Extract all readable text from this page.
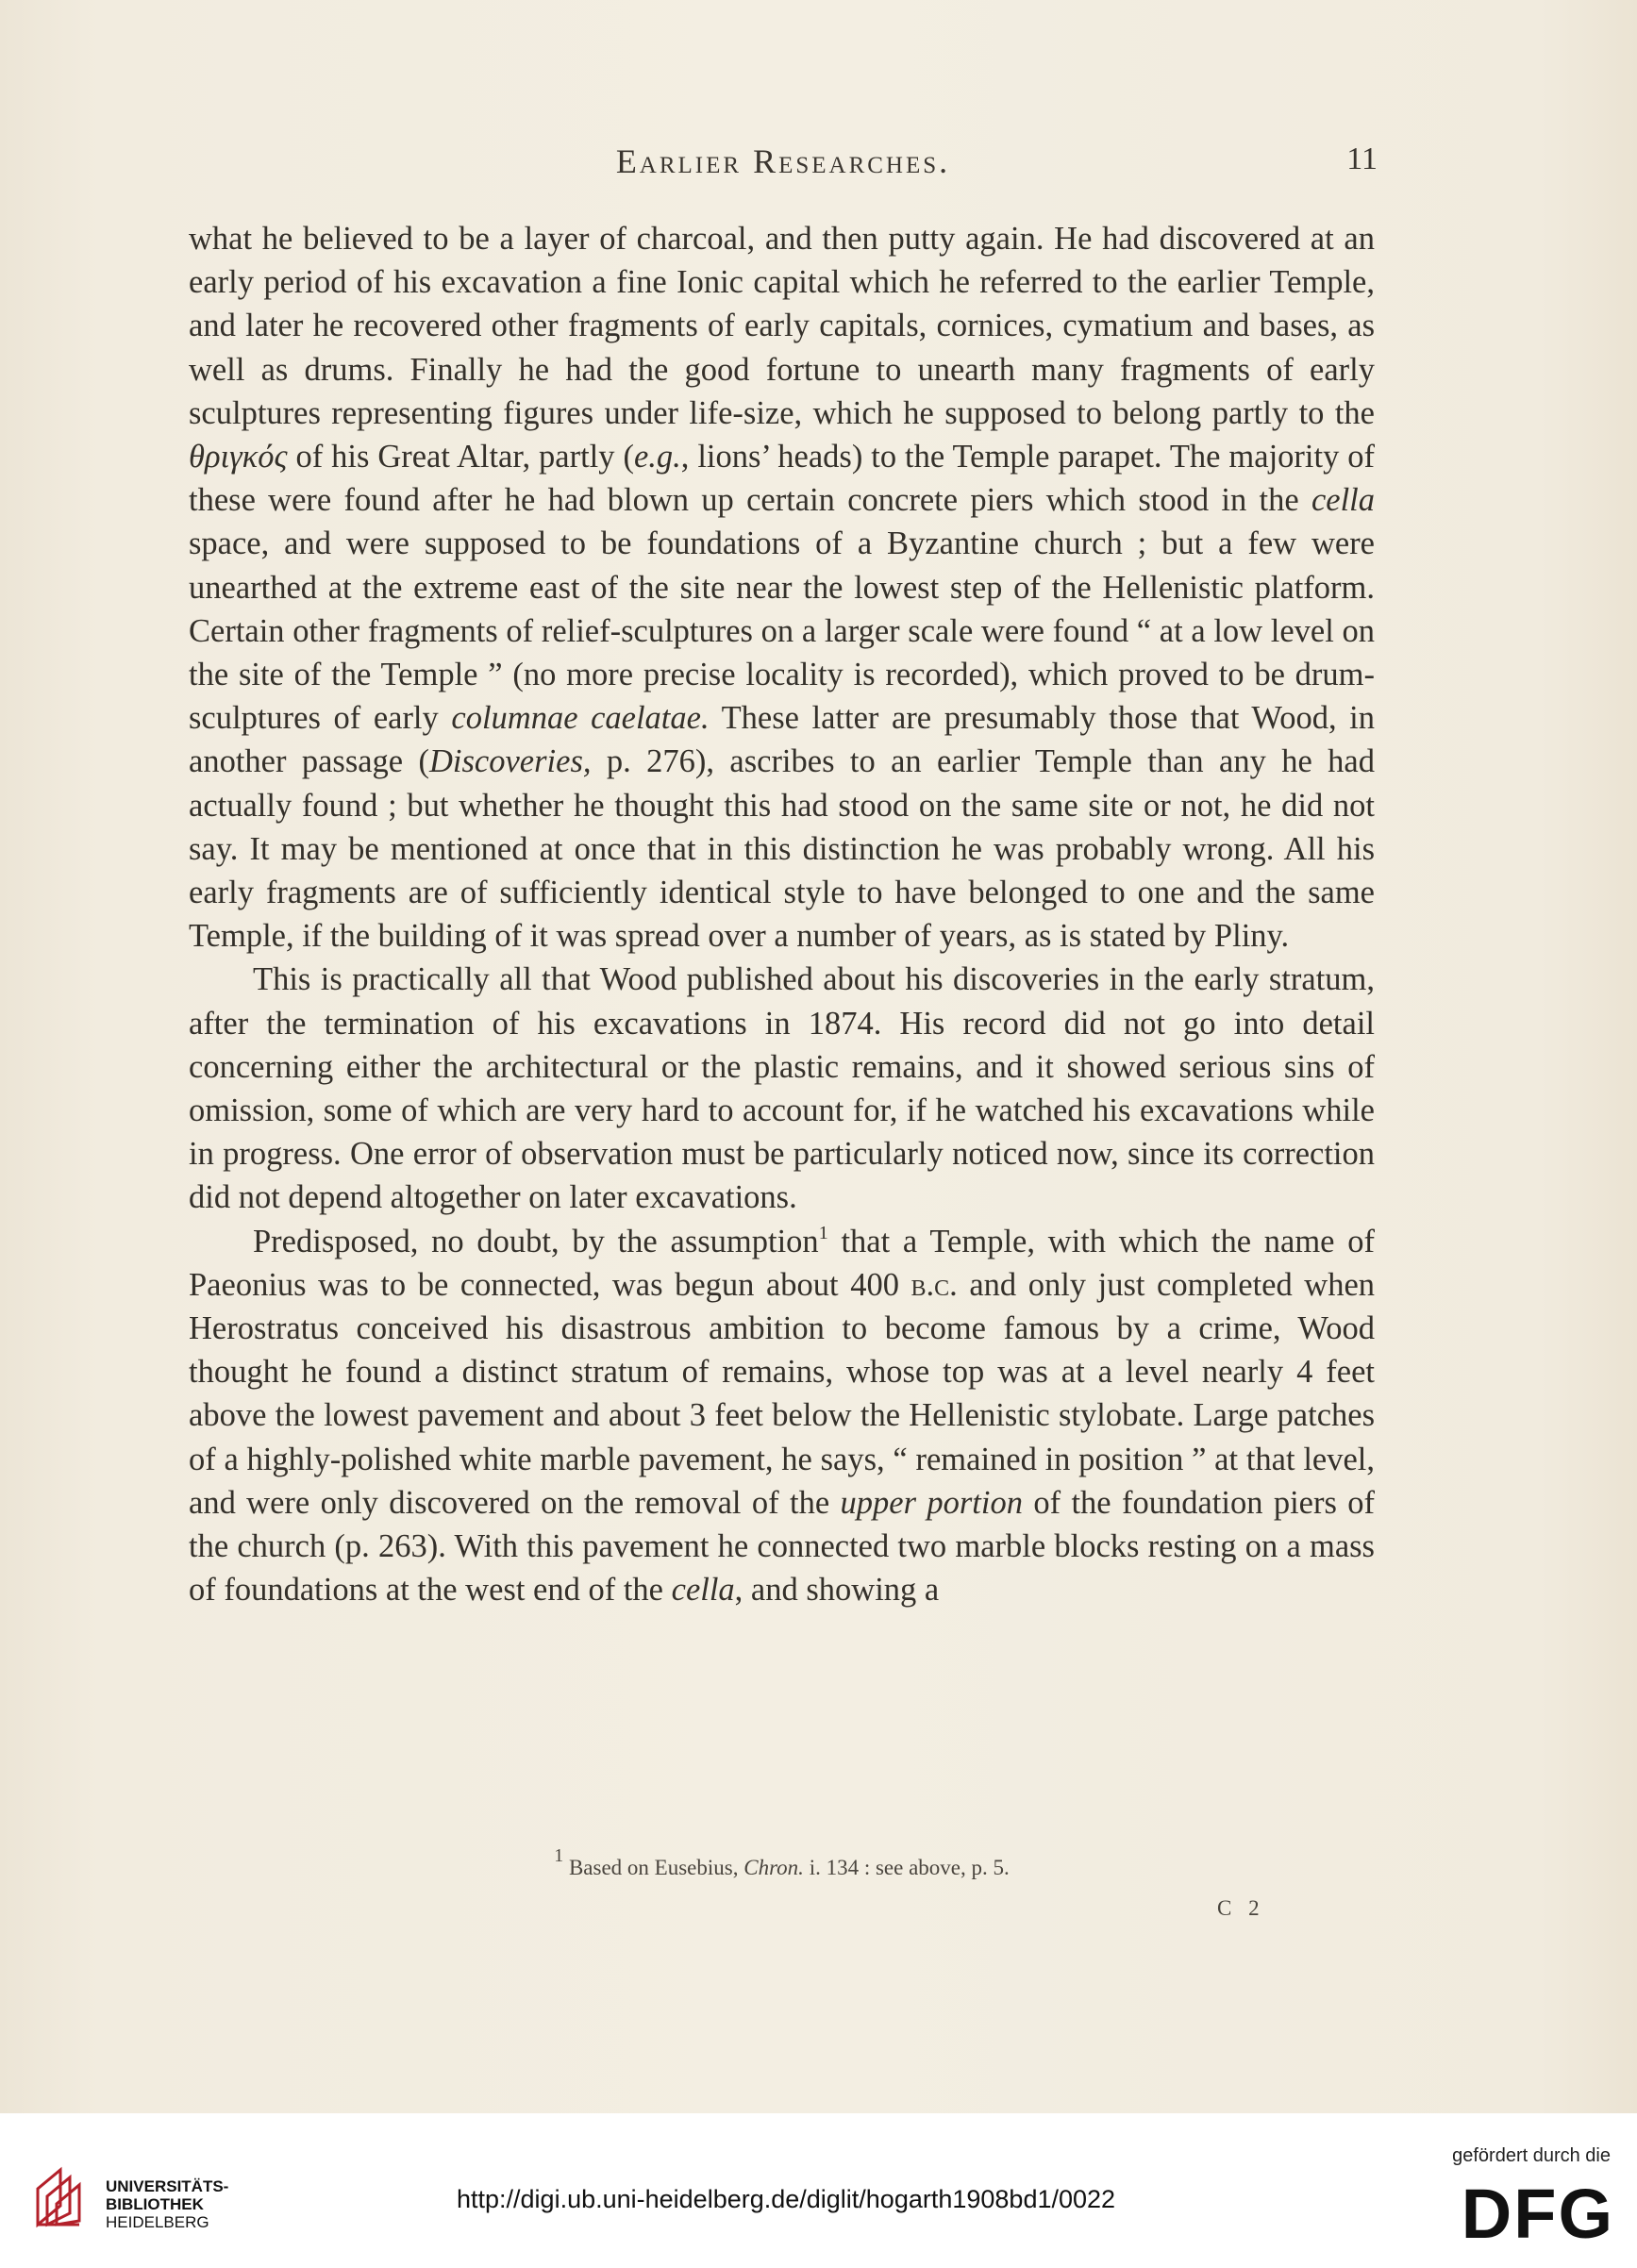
Earlier Researches.	11

what he believed to be a layer of charcoal, and then putty again. He had discovered at an early period of his excavation a fine Ionic capital which he referred to the earlier Temple, and later he recovered other fragments of early capitals, cornices, cymatium and bases, as well as drums. Finally he had the good fortune to unearth many fragments of early sculptures representing figures under life-size, which he supposed to belong partly to the θριγκός of his Great Altar, partly (e.g., lions’ heads) to the Temple parapet. The majority of these were found after he had blown up certain concrete piers which stood in the cella space, and were supposed to be foundations of a Byzantine church ; but a few were unearthed at the extreme east of the site near the lowest step of the Hellenistic platform. Certain other fragments of relief-sculptures on a larger scale were found “ at a low level on the site of the Temple ” (no more precise locality is recorded), which proved to be drum-sculptures of early columnae caelatae. These latter are presumably those that Wood, in another passage (Discoveries, p. 276), ascribes to an earlier Temple than any he had actually found ; but whether he thought this had stood on the same site or not, he did not say. It may be mentioned at once that in this distinction he was probably wrong. All his early fragments are of sufficiently identical style to have belonged to one and the same Temple, if the building of it was spread over a number of years, as is stated by Pliny.

This is practically all that Wood published about his discoveries in the early stratum, after the termination of his excavations in 1874. His record did not go into detail concerning either the architectural or the plastic remains, and it showed serious sins of omission, some of which are very hard to account for, if he watched his excavations while in progress. One error of observation must be particularly noticed now, since its correction did not depend altogether on later excavations.

Predisposed, no doubt, by the assumption$^1$ that a Temple, with which the name of Paeonius was to be connected, was begun about 400 b.c. and only just completed when Herostratus conceived his disastrous ambition to become famous by a crime, Wood thought he found a distinct stratum of remains, whose top was at a level nearly 4 feet above the lowest pavement and about 3 feet below the Hellenistic stylobate. Large patches of a highly-polished white marble pavement, he says, “ remained in position ” at that level, and were only discovered on the removal of the upper portion of the foundation piers of the church (p. 263). With this pavement he connected two marble blocks resting on a mass of foundations at the west end of the cella, and showing a

$^1$ Based on Eusebius, Chron. i. 134 : see above, p. 5.
C 2
UNIVERSITÄTS-
BIBLIOTHEK
HEIDELBERG
http://digi.ub.uni-heidelberg.de/diglit/hogarth1908bd1/0022
gefördert durch die
DFG
